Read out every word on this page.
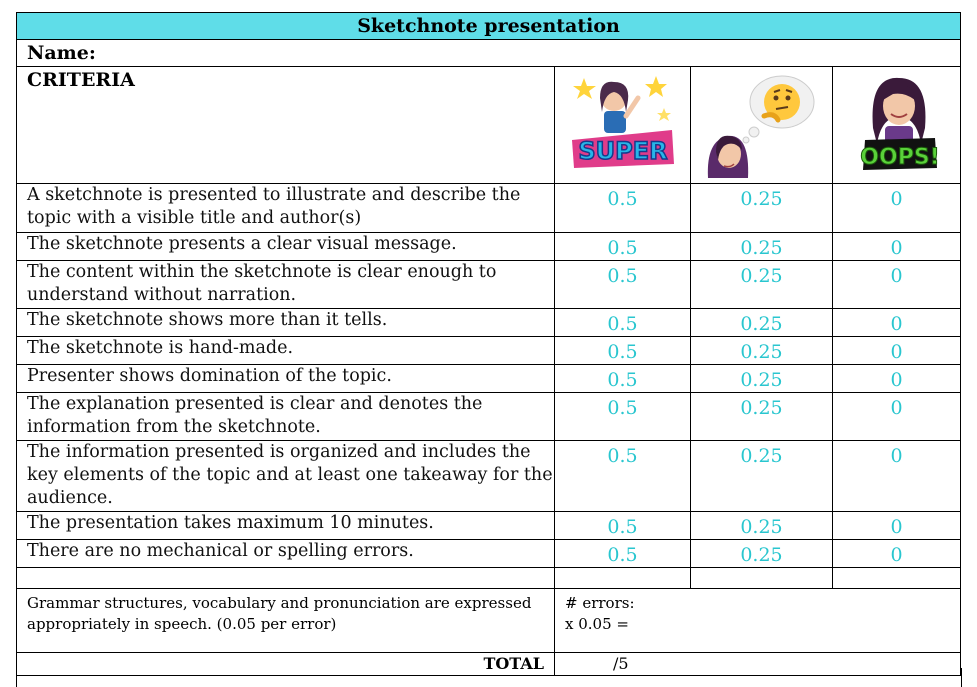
Sketchnote presentation			
Name:			
CRITERIA	SUPER		OOPS!

A sketchnote is presented to illustrate and describe the topic with a visible title and author(s)	0.5	0.25	0
The sketchnote presents a clear visual message.	0.5	0.25	0
The content within the sketchnote is clear enough to understand without narration.	0.5	0.25	0
The sketchnote shows more than it tells.	0.5	0.25	0
The sketchnote is hand-made.	0.5	0.25	0
Presenter shows domination of the topic.	0.5	0.25	0
The explanation presented is clear and denotes the information from the sketchnote.	0.5	0.25	0
The information presented is organized and includes the key elements of the topic and at least one takeaway for the audience.	0.5	0.25	0
The presentation takes maximum 10 minutes.	0.5	0.25	0
There are no mechanical or spelling errors.	0.5	0.25	0

Grammar structures, vocabulary and pronunciation are expressed appropriately in speech. (0.05 per error)	# errors:
x 0.05 =		

TOTAL	/5		
